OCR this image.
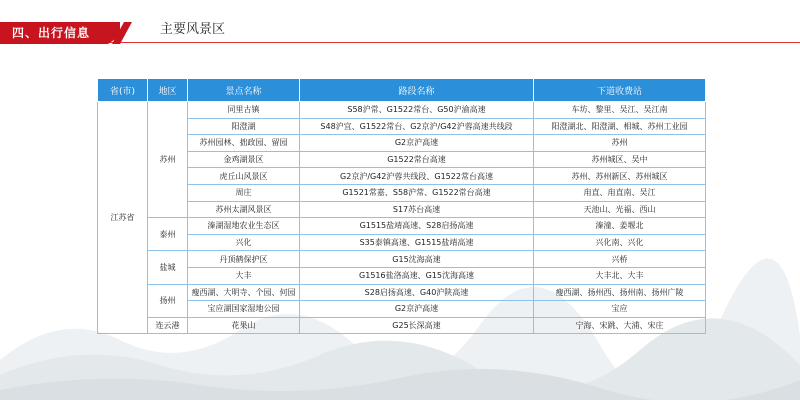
四、出行信息	主要风景区
省(市)	地区	景点名称	路段名称	下道收费站
江苏省	苏州	同里古镇	S58沪常、G1522常台、G50沪渝高速	车坊、黎里、吴江、吴江南
		阳澄湖	S48沪宜、G1522常台、G2京沪/G42沪蓉高速共线段	阳澄湖北、阳澄湖、相城、苏州工业园
		苏州园林、拙政园、留园	G2京沪高速	苏州
		金鸡湖景区	G1522常台高速	苏州城区、吴中
		虎丘山风景区	G2京沪/G42沪蓉共线段、G1522常台高速	苏州、苏州新区、苏州城区
		周庄	G1521常嘉、S58沪常、G1522常台高速	甪直、甪直南、吴江
		苏州太湖风景区	S17苏台高速	天池山、光福、西山
	泰州	溱湖湿地农业生态区	G1515盐靖高速、S28启扬高速	溱潼、姜堰北
		兴化	S35泰镇高速、G1515盐靖高速	兴化南、兴化
	盐城	丹顶鹤保护区	G15沈海高速	兴桥
		大丰	G1516盐洛高速、G15沈海高速	大丰北、大丰
	扬州	瘦西湖、大明寺、个园、何园	S28启扬高速、G40沪陕高速	瘦西湖、扬州西、扬州南、扬州广陵
		宝应湖国家湿地公园	G2京沪高速	宝应
	连云港	花果山	G25长深高速	宁海、宋跳、大浦、宋庄
